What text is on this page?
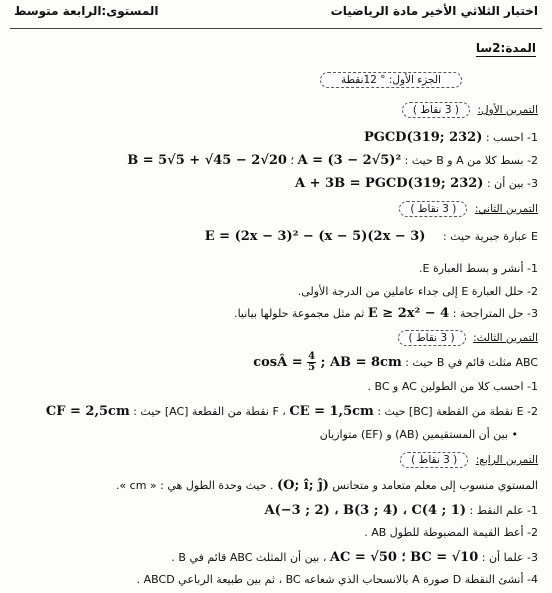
اختبار الثلاثي الأخير مادة الرياضيات
المستوى:الرابعة متوسط
المدة:2سا
الجزء الأول: ° 12نقطة
التمرين الأول: ( 3 نقاط )
1- احسب : PGCD(319; 232)
2- بسط كلا من A و B حيث : A = (3 − 2√5)² ؛ B = 5√5 + √45 − 2√20
3- بين أن : A + 3B = PGCD(319; 232)
التمرين الثاني: ( 3 نقاط )
E عبارة جبرية حيث : E = (2x − 3)² − (x − 5)(2x − 3)
1- أنشر و بسط العبارة E.
2- حلل العبارة E إلى جداء عاملين من الدرجة الأولى.
3- حل المتراجحة : E ≥ 2x² − 4 ثم مثل مجموعة حلولها بيانيا.
التمرين الثالث: ( 3 نقاط )
ABC مثلث قائم في B حيث : cosÂ = $\frac{4}{5}$ ; AB = 8cm
1- احسب كلا من الطولين AC و BC .
2- E نقطة من القطعة [BC] حيث : CE = 1,5cm ، F نقطة من القطعة [AC] حيث : CF = 2,5cm
• بين أن المستقيمين (AB) و (EF) متوازيان
التمرين الرابع: ( 3 نقاط )
المستوي منسوب إلى معلم متعامد و متجانس (O; î; ĵ) . حيث وحدة الطول هي : « cm ».
1- علم النقط : A(−3 ; 2) ، B(3 ; 4) ، C(4 ; 1)
2- أعط القيمة المضبوطة للطول AB .
3- علما أن : AC = √50 ؛ BC = √10 ، بين أن المثلث ABC قائم في B .
4- أنشئ النقطة D صورة A بالانسحاب الذي شعاعه BC ، ثم بين طبيعة الرباعي ABCD .
